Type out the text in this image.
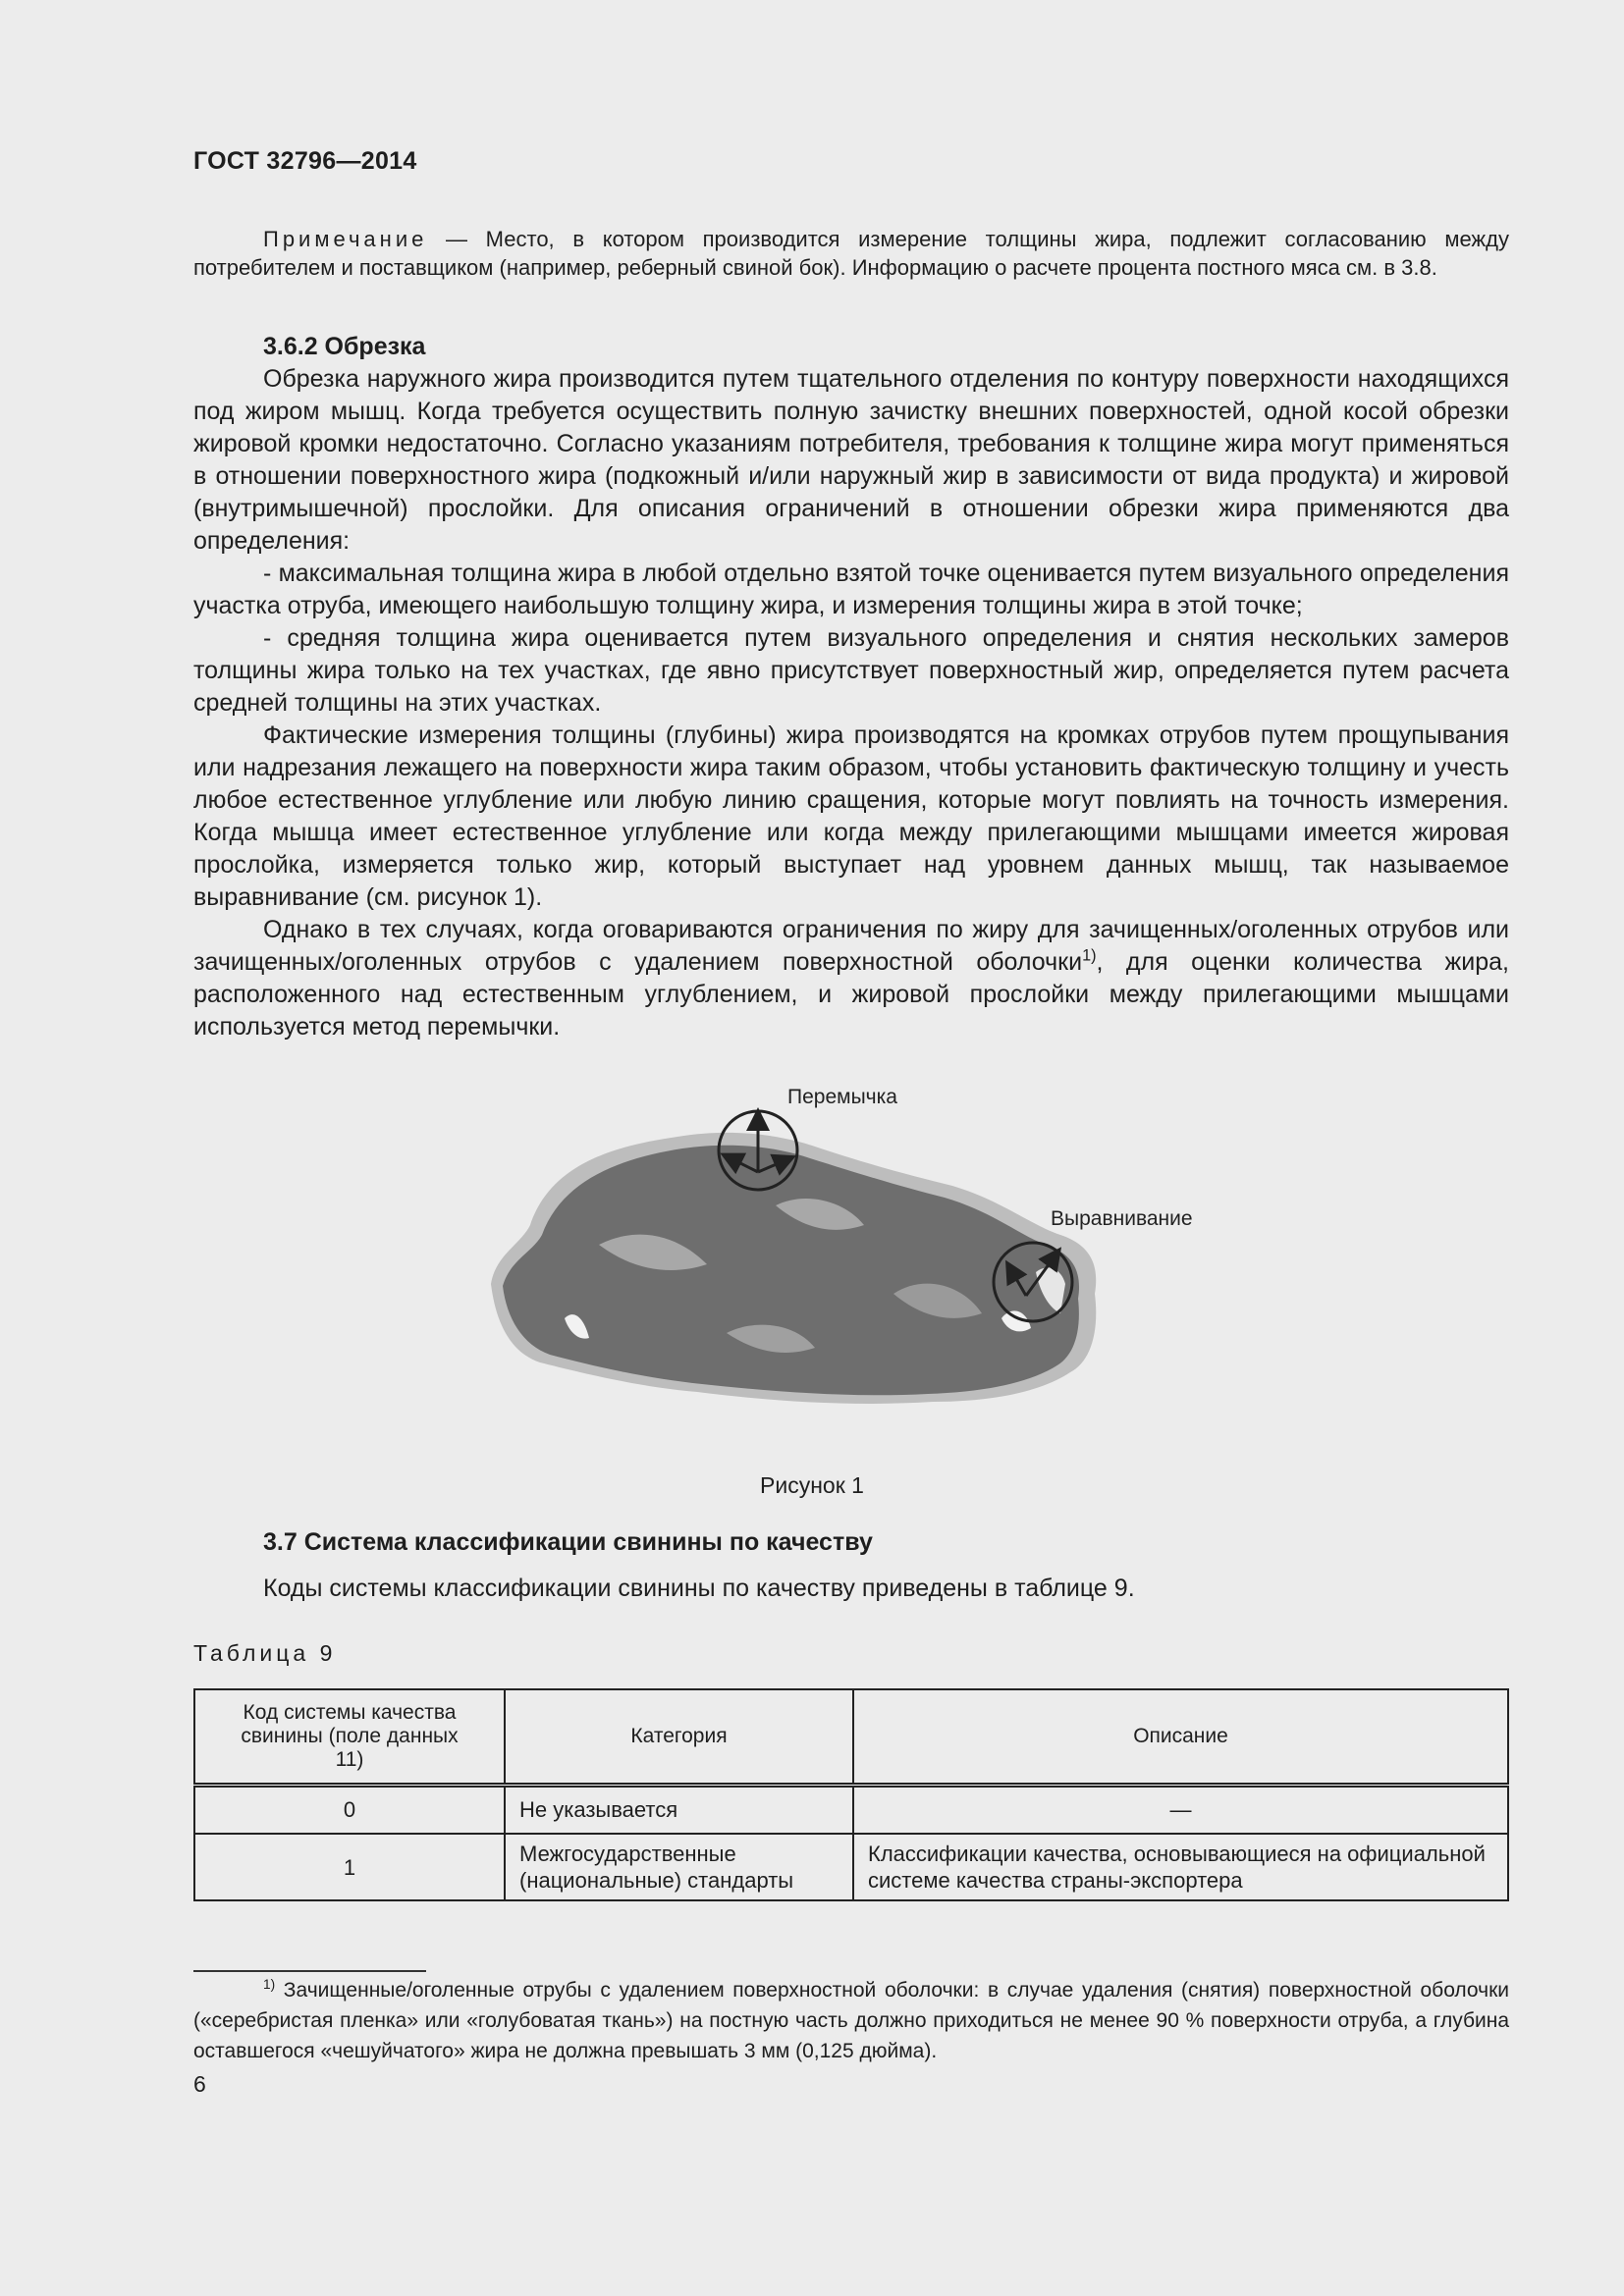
ГОСТ 32796—2014

Примечание — Место, в котором производится измерение толщины жира, подлежит согласованию между потребителем и поставщиком (например, реберный свиной бок). Информацию о расчете процента постного мяса см. в 3.8.

3.6.2 Обрезка

Обрезка наружного жира производится путем тщательного отделения по контуру поверхности находящихся под жиром мышц. Когда требуется осуществить полную зачистку внешних поверхностей, одной косой обрезки жировой кромки недостаточно. Согласно указаниям потребителя, требования к толщине жира могут применяться в отношении поверхностного жира (подкожный и/или наружный жир в зависимости от вида продукта) и жировой (внутримышечной) прослойки. Для описания ограничений в отношении обрезки жира применяются два определения:

- максимальная толщина жира в любой отдельно взятой точке оценивается путем визуального определения участка отруба, имеющего наибольшую толщину жира, и измерения толщины жира в этой точке;

- средняя толщина жира оценивается путем визуального определения и снятия нескольких замеров толщины жира только на тех участках, где явно присутствует поверхностный жир, определяется путем расчета средней толщины на этих участках.

Фактические измерения толщины (глубины) жира производятся на кромках отрубов путем прощупывания или надрезания лежащего на поверхности жира таким образом, чтобы установить фактическую толщину и учесть любое естественное углубление или любую линию сращения, которые могут повлиять на точность измерения. Когда мышца имеет естественное углубление или когда между прилегающими мышцами имеется жировая прослойка, измеряется только жир, который выступает над уровнем данных мышц, так называемое выравнивание (см. рисунок 1).

Однако в тех случаях, когда оговариваются ограничения по жиру для зачищенных/оголенных отрубов или зачищенных/оголенных отрубов с удалением поверхностной оболочки$^{1)}$, для оценки количества жира, расположенного над естественным углублением, и жировой прослойки между прилегающими мышцами используется метод перемычки.

Перемычка
Выравнивание
Рисунок 1
3.7 Система классификации свинины по качеству
Коды системы классификации свинины по качеству приведены в таблице 9.
Таблица 9
Код системы качества свинины (поле данных 11)	Категория	Описание
0	Не указывается	—
1	Межгосударственные (национальные) стандарты	Классификации качества, основывающиеся на официальной системе качества страны-экспортера

$^{1)}$ Зачищенные/оголенные отрубы с удалением поверхностной оболочки: в случае удаления (снятия) поверхностной оболочки («серебристая пленка» или «голубоватая ткань») на постную часть должно приходиться не менее 90 % поверхности отруба, а глубина оставшегося «чешуйчатого» жира не должна превышать 3 мм (0,125 дюйма).

6
